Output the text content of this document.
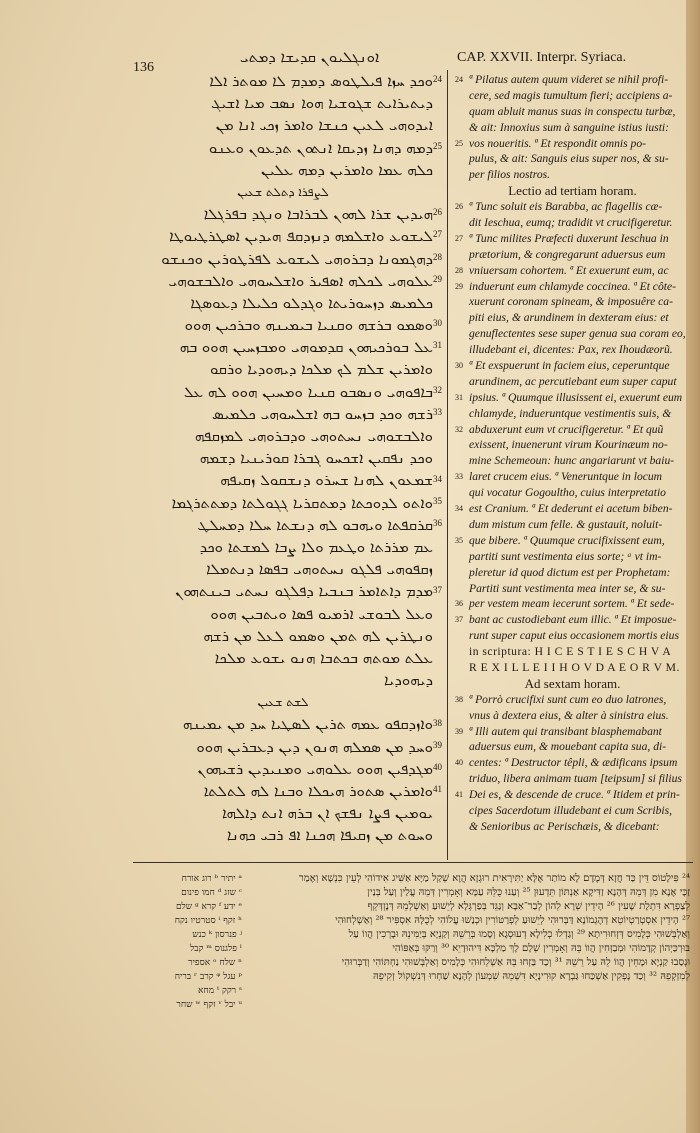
136
ܐܘܢܓܠܝܘܢ ܩܕܝܫܐ ܕܡܬܝ	CAP. XXVII. Interpr. Syriaca.
ܘܟܕ ܚܙܐ ܦܝܠܛܘܣ ܕܡܕܡ ܠܐ ܡܘܬܪ ܐܠܐ
ܕܝܬܝܪܐܝܬ ܫܓܘܫܝܐ ܗܘܐ ܢܣܒ ܡܝܐ ܐܫܝܓ
ܐܝܕܘܗܝ ܠܥܝܢ ܟܢܫܐ ܘܐܡܪ ܙܟܝ ܐܢܐ ܡܢ
ܕܡܗ ܕܗܢܐ ܙܕܝܩܐ ܐܢܬܘܢ ܬܕܥܘܢ ܘܥܢܘ
ܟܠܗ ܥܡܐ ܘܐܡܪܝܢ ܕܡܗ ܥܠܝܢ
ܠܨܦܪܐ ܕܬܠܬ ܫܥܝܢ
ܗܝܕܝܢ ܫܪܐ ܠܗܘܢ ܠܒܪܐܒܐ ܘܢܓܕ ܒܦܪܓܠܐ
ܠܝܫܘܥ ܘܐܫܠܡܗ ܕܢܙܕܩܦ ܗܝܕܝܢ ܐܣܛܪܛܝܘܛܐ
ܕܗܓܡܘܢܐ ܕܒܪܘܗܝ ܠܝܫܘܥ ܠܦܪܛܘܪܝܢ ܘܟܢܫܘ
ܥܠܘܗܝ ܠܟܠܗ ܐܣܦܝܪ ܘܐܫܠܚܘܗܝ ܘܐܠܒܫܘܗܝ
ܟܠܡܝܣ ܕܙܚܘܪܝܬܐ ܘܓܕܠܘ ܟܠܝܠܐ ܕܥܘܣܓܐ
ܘܣܡܘ ܒܪܫܗ ܘܩܢܝܐ ܒܝܡܝܢܗ ܘܒܪܟܝܢ ܗܘܘ
ܥܠ ܒܘܪܟܝܗܘܢ ܩܕܡܘܗܝ ܘܡܒܙܚܝܢ ܗܘܘ ܒܗ
ܘܐܡܪܝܢ ܫܠܡ ܠܟ ܡܠܟܐ ܕܝܗܘܕܝܐ ܘܪܩܘ
ܒܐܦܘܗܝ ܘܢܣܒܘ ܩܢܝܐ ܘܡܚܝܢ ܗܘܘ ܠܗ ܥܠ
ܪܫܗ ܘܟܕ ܒܙܚܘ ܒܗ ܐܫܠܚܘܗܝ ܟܠܡܝܣ
ܘܐܠܒܫܘܗܝ ܢܚܬܘܗܝ ܘܕܒܪܘܗܝ ܠܡܙܩܦܗ
ܘܟܕ ܢܦܩܝܢ ܐܫܟܚܘ ܓܒܪܐ ܩܘܪܝܢܝܐ ܕܫܡܗ
ܫܡܥܘܢ ܠܗܢܐ ܫܚܪܘ ܕܢܫܩܘܠ ܙܩܝܦܗ
ܘܐܬܘ ܠܕܘܟܬܐ ܕܡܬܩܪܝܐ ܓܓܘܠܬܐ ܕܡܬܬܪܓܡܐ
ܩܪܩܦܬܐ ܘܝܗܒܘ ܠܗ ܕܢܫܬܐ ܚܠܐ ܕܡܚܠܛ
ܥܡ ܡܪܪܬܐ ܘܛܥܡ ܘܠܐ ܨܒܐ ܠܡܫܬܐ ܘܟܕ
ܙܩܦܘܗܝ ܦܠܓܘ ܢܚܬܘܗܝ ܒܦܣܐ ܕܢܬܡܠܐ
ܡܕܡ ܕܐܬܐܡܪ ܒܢܒܝܐ ܕܦܠܓܘ ܢܚܬܝ ܒܝܢܬܗܘܢ
ܘܥܠ ܠܒܘܫܝ ܐܪܡܝܘ ܦܣܐ ܘܝܬܒܝܢ ܗܘܘ
ܘܢܛܪܝܢ ܠܗ ܬܡܢ ܘܣܡܘ ܠܥܠ ܡܢ ܪܫܗ
ܥܠܬ ܡܘܬܗ ܒܟܬܒܐ ܗܢܘ ܝܫܘܥ ܡܠܟܐ
ܕܝܗܘܕܝܐ
ܠܫܬ ܫܥܝܢ
ܘܐܙܕܩܦܘ ܥܡܗ ܬܪܝܢ ܠܣܛܝܐ ܚܕ ܡܢ ܝܡܝܢܗ
ܘܚܕ ܡܢ ܣܡܠܗ ܗܢܘܢ ܕܝܢ ܕܥܒܪܝܢ ܗܘܘ
ܡܓܕܦܝܢ ܗܘܘ ܥܠܘܗܝ ܘܡܢܝܕܝܢ ܪܫܝܗܘܢ
ܘܐܡܪܝܢ ܣܬܘܪ ܗܝܟܠܐ ܘܒܢܐ ܠܗ ܠܬܠܬܐ
ܝܘܡܝܢ ܦܨܐ ܢܦܫܟ ܐܢ ܒܪܗ ܐܢܬ ܕܐܠܗܐ
ܘܚܘܬ ܡܢ ܙܩܝܦܐ ܗܟܢܐ ܐܦ ܪܒܝ ܟܗܢܐ
24
25
26
27
28
29
30
31
32
33
34
35
36
37
38
39
40
41
24 ª Pilatus autem quum videret se nihil profi-
cere, sed magis tumultum fieri; accipiens a-
quam abluit manus suas in conspectu turbæ,
& ait: Innoxius sum à sanguine istius iusti:
25 vos noueritis. ª Et respondit omnis po-
pulus, & ait: Sanguis eius super nos, & su-
per filios nostros.
Lectio ad tertiam horam.
26 ª Tunc soluit eis Barabba, ac flagellis cæ-
dit Ieschua, eumq; tradidit vt crucifigeretur.
27 ª Tunc milites Præfecti duxerunt Ieschua in
prætorium, & congregarunt aduersus eum
28 vniuersam cohortem. ª Et exuerunt eum, ac
29 induerunt eum chlamyde coccinea. ª Et côte-
xuerunt coronam spineam, & imposuêre ca-
piti eius, & arundinem in dexteram eius: et
genuflectentes sese super genua sua coram eo,
illudebant ei, dicentes: Pax, rex Ihoudæorũ.
30 ª Et exspuerunt in faciem eius, ceperuntque
arundinem, ac percutiebant eum super caput
31 ipsius. ª Quumque illusissent ei, exuerunt eum
chlamyde, indueruntque vestimentis suis, &
32 abduxerunt eum vt crucifigeretur. ª Et quũ
exissent, inuenerunt virum Kourinæum no-
mine Schemeoun: hunc angariarunt vt baiu-
33 laret crucem eius. ª Veneruntque in locum
qui vocatur Gogoultho, cuius interpretatio
34 est Cranium. ª Et dederunt ei acetum biben-
dum mistum cum felle. & gustauit, noluit-
35 que bibere. ª Quumque crucifixissent eum,
partiti sunt vestimenta eius sorte; ᵃ vt im-
pleretur id quod dictum est per Prophetam:
Partiti sunt vestimenta mea inter se, & su-
36 per vestem meam iecerunt sortem. ª Et sede-
37 bant ac custodiebant eum illic. ª Et imposue-
runt super caput eius occasionem mortis eius
in scriptura: H I C E S T I E S C H V A
R E X I L L E I I H O V D A E O R V M.
Ad sextam horam.
38 ª Porrò crucifixi sunt cum eo duo latrones,
vnus à dextera eius, & alter à sinistra eius.
39 ª Illi autem qui transibant blasphemabant
aduersus eum, & mouebant capita sua, di-
40 centes: ª Destructor têpli, & ædificans ipsum
triduo, libera animam tuam [teipsum] si filius
41 Dei es, & descende de cruce. ª Itidem et prin-
cipes Sacerdotum illudebant ei cum Scribis,
& Senioribus ac Perischæis, & dicebant:
²⁴ פִּילָטוֹס דֵּין כַּד חֲזָא דְּמֶדֶם לָא מוֹתַר אֶלָּא יַתִּירָאִית רוּגְזָא הֲוָא שְׁקַל מַיָּא אַשִּׁיג אִידוֹהִי לְעֵין כִּנְשָׁא וְאֶמַר
זַכָּי אֶנָא מִן דְּמֵהּ דְּהָנָא זַדִּיקָא אַנְתּוֹן תֵּדְעוּן ²⁵ וְעַנוּ כֻּלֵּהּ עַמָּא וְאָמְרִין דְּמֵהּ עֲלַין וְעַל בְּנַין
לְצַפְרָא דִּתְלָת שָׁעִין ²⁶ הָידֵין שְׁרָא לְהוֹן לְבַר־אַבָּא וְנַגֵּד בְּפַרְגְּלָא לְיֵשׁוּעַ וְאַשְׁלְמֵהּ דְּנֶזְדְּקֵף
²⁷ הָידֵין אִסְטְרַטְיוֹטֵא דְהֶגְמוֹנָא דַּבְּרוּהִי לְיֵשׁוּעַ לְפְרַטּוֹרִין וּכְנַשׁוּ עֲלוֹהִי לְכֻלָּהּ אִסְפִּיר ²⁸ וְאַשְׁלְחוּהִי
וְאַלְבְּשׁוּהִי כְּלָמִיס דְּזְחוּרִיתָא ²⁹ וְגַדְלוּ כְלִילָא דְעוּסְגָא וְסָמוּ בְּרֵשֵׁהּ וְקַנְיָא בְּיַמִּינֵהּ וּבָרְכִין הֲווֹ עַל
בּוּרְכַּיְהוֹן קְדָמוֹהִי וּמְבַזְּחִין הֲווֹ בֵּהּ וְאָמְרִין שְׁלָם לָךְ מַלְכָּא דִּיהוּדָיֵא ³⁰ וְרַקּוּ בְּאַפּוֹהִי
וּנְסַבוּ קַנְיָא וּמָחֵין הֲווֹ לֵהּ עַל רֵשֵׁהּ ³¹ וְכַד בַּזְחוּ בֵּהּ אַשְׁלְחוּהִי כְּלָמִיס וְאַלְבְּשׁוּהִי נַחְתּוֹהִי וְדַבְּרוּהִי
לְמִזְקְפֵהּ ³² וְכַד נָפְקִין אַשְׁכַּחוּ גַּבְרָא קוּרִינָיָא דִּשְׁמֵהּ שִׁמְעוֹן לְהָנָא שַׁחְרוּ דְּנִשְׁקוֹל זְקִיפֵהּ
ᵃ יתיר ᵇ רוג אורח
ᶜ שזג ᵈ חמו פינום
ᵉ ידע ᶠ קרא ᵍ שלם
ʰ זקף ⁱ סטרטיו נקח
ʲ פנרסון ᵏ כנש
ˡ פלגנוס ᵐ קבל
ⁿ שלח ᵒ אספיר
ᵖ עגל ᵠ קרב ʳ בריח
ˢ רקק ᵗ מחא
ᵘ יבל ᵛ זקף ʷ שחר
